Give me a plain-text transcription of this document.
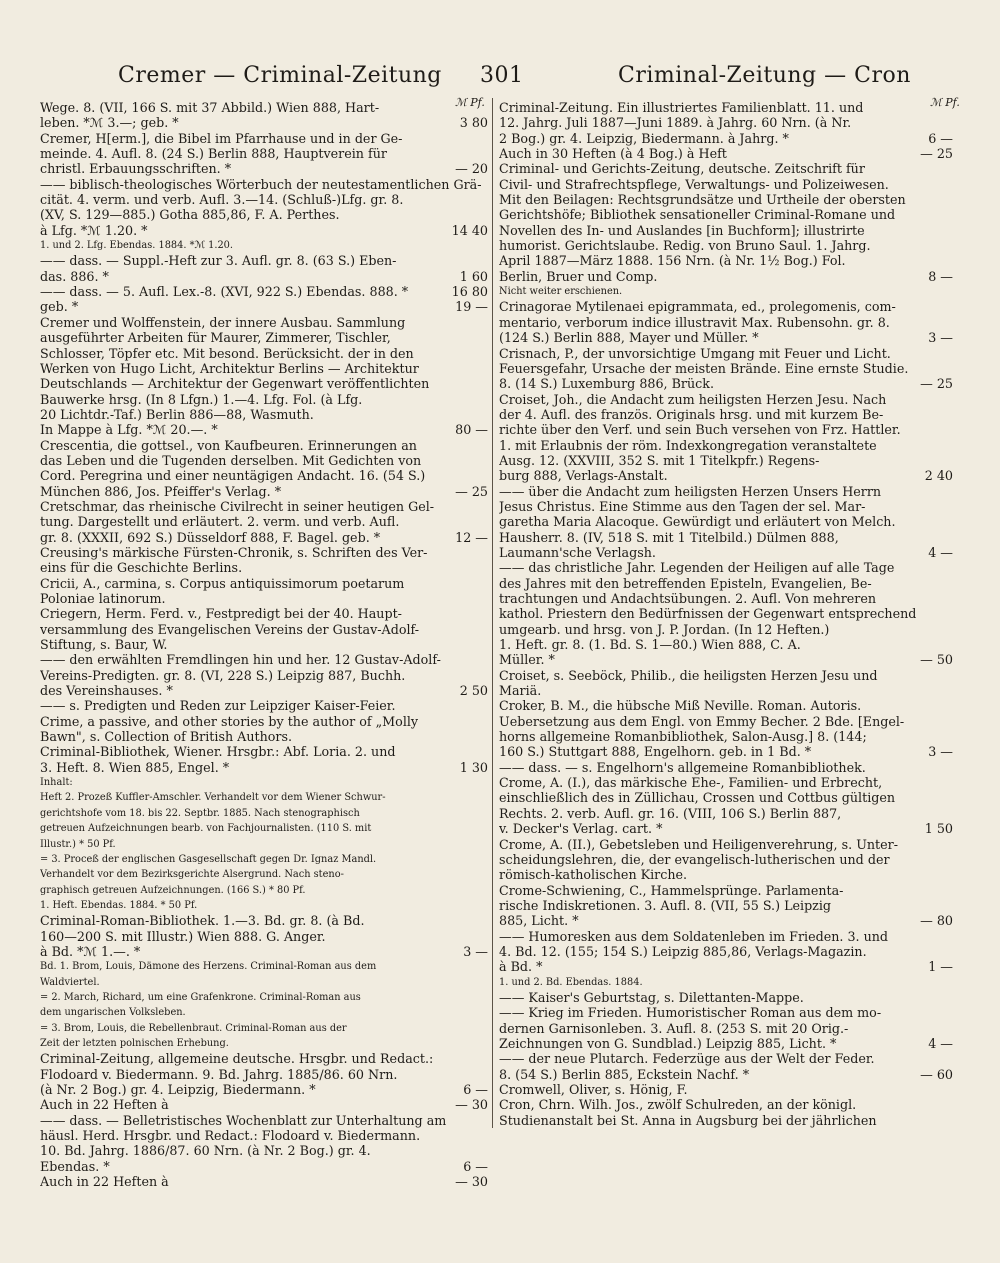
Cremer — Criminal-Zeitung 301	Criminal-Zeitung — Cron
ℳ Pf.	ℳ Pf.
Wege. 8. (VII, 166 S. mit 37 Abbild.) Wien 888, Hart-
leben. *ℳ 3.—; geb. *	3 80
Cremer, H[erm.], die Bibel im Pfarrhause und in der Ge-
meinde. 4. Aufl. 8. (24 S.) Berlin 888, Hauptverein für
christl. Erbauungsschriften. *	— 20
—— biblisch-theologisches Wörterbuch der neutestamentlichen Grä-
cität. 4. verm. und verb. Aufl. 3.—14. (Schluß-)Lfg. gr. 8.
(XV, S. 129—885.) Gotha 885,86, F. A. Perthes.
à Lfg. *ℳ 1.20. *	14 40
1. und 2. Lfg. Ebendas. 1884. *ℳ 1.20.
—— dass. — Suppl.-Heft zur 3. Aufl. gr. 8. (63 S.) Eben-
das. 886. *	1 60
—— dass. — 5. Aufl. Lex.-8. (XVI, 922 S.) Ebendas. 888. *	16 80
geb. *	19 —
Cremer und Wolffenstein, der innere Ausbau. Sammlung
ausgeführter Arbeiten für Maurer, Zimmerer, Tischler,
Schlosser, Töpfer etc. Mit besond. Berücksicht. der in den
Werken von Hugo Licht, Architektur Berlins — Architektur
Deutschlands — Architektur der Gegenwart veröffentlichten
Bauwerke hrsg. (In 8 Lfgn.) 1.—4. Lfg. Fol. (à Lfg.
20 Lichtdr.-Taf.) Berlin 886—88, Wasmuth.
In Mappe à Lfg. *ℳ 20.—. *	80 —
Crescentia, die gottsel., von Kaufbeuren. Erinnerungen an
das Leben und die Tugenden derselben. Mit Gedichten von
Cord. Peregrina und einer neuntägigen Andacht. 16. (54 S.)
München 886, Jos. Pfeiffer's Verlag. *	— 25
Cretschmar, das rheinische Civilrecht in seiner heutigen Gel-
tung. Dargestellt und erläutert. 2. verm. und verb. Aufl.
gr. 8. (XXXII, 692 S.) Düsseldorf 888, F. Bagel. geb. *	12 —
Creusing's märkische Fürsten-Chronik, s. Schriften des Ver-
eins für die Geschichte Berlins.
Cricii, A., carmina, s. Corpus antiquissimorum poetarum
Poloniae latinorum.
Criegern, Herm. Ferd. v., Festpredigt bei der 40. Haupt-
versammlung des Evangelischen Vereins der Gustav-Adolf-
Stiftung, s. Baur, W.
—— den erwählten Fremdlingen hin und her. 12 Gustav-Adolf-
Vereins-Predigten. gr. 8. (VI, 228 S.) Leipzig 887, Buchh.
des Vereinshauses. *	2 50
—— s. Predigten und Reden zur Leipziger Kaiser-Feier.
Crime, a passive, and other stories by the author of „Molly
Bawn", s. Collection of British Authors.
Criminal-Bibliothek, Wiener. Hrsgbr.: Abf. Loria. 2. und
3. Heft. 8. Wien 885, Engel. *	1 30
Inhalt:
Heft 2. Prozeß Kuffler-Amschler. Verhandelt vor dem Wiener Schwur-
gerichtshofe vom 18. bis 22. Septbr. 1885. Nach stenographisch
getreuen Aufzeichnungen bearb. von Fachjournalisten. (110 S. mit
Illustr.) * 50 Pf.
= 3. Proceß der englischen Gasgesellschaft gegen Dr. Ignaz Mandl.
Verhandelt vor dem Bezirksgerichte Alsergrund. Nach steno-
graphisch getreuen Aufzeichnungen. (166 S.) * 80 Pf.
1. Heft. Ebendas. 1884. * 50 Pf.
Criminal-Roman-Bibliothek. 1.—3. Bd. gr. 8. (à Bd.
160—200 S. mit Illustr.) Wien 888. G. Anger.
à Bd. *ℳ 1.—. *	3 —
Bd. 1. Brom, Louis, Dämone des Herzens. Criminal-Roman aus dem
Waldviertel.
= 2. March, Richard, um eine Grafenkrone. Criminal-Roman aus
dem ungarischen Volksleben.
= 3. Brom, Louis, die Rebellenbraut. Criminal-Roman aus der
Zeit der letzten polnischen Erhebung.
Criminal-Zeitung, allgemeine deutsche. Hrsgbr. und Redact.:
Flodoard v. Biedermann. 9. Bd. Jahrg. 1885/86. 60 Nrn.
(à Nr. 2 Bog.) gr. 4. Leipzig, Biedermann. *	6 —
Auch in 22 Heften à	— 30
—— dass. — Belletristisches Wochenblatt zur Unterhaltung am
häusl. Herd. Hrsgbr. und Redact.: Flodoard v. Biedermann.
10. Bd. Jahrg. 1886/87. 60 Nrn. (à Nr. 2 Bog.) gr. 4.
Ebendas. *	6 —
Auch in 22 Heften à	— 30
Criminal-Zeitung. Ein illustriertes Familienblatt. 11. und
12. Jahrg. Juli 1887—Juni 1889. à Jahrg. 60 Nrn. (à Nr.
2 Bog.) gr. 4. Leipzig, Biedermann. à Jahrg. *	6 —
Auch in 30 Heften (à 4 Bog.) à Heft	— 25
Criminal- und Gerichts-Zeitung, deutsche. Zeitschrift für
Civil- und Strafrechtspflege, Verwaltungs- und Polizeiwesen.
Mit den Beilagen: Rechtsgrundsätze und Urtheile der obersten
Gerichtshöfe; Bibliothek sensationeller Criminal-Romane und
Novellen des In- und Auslandes [in Buchform]; illustrirte
humorist. Gerichtslaube. Redig. von Bruno Saul. 1. Jahrg.
April 1887—März 1888. 156 Nrn. (à Nr. 1½ Bog.) Fol.
Berlin, Bruer und Comp.	8 —
Nicht weiter erschienen.
Crinagorae Mytilenaei epigrammata, ed., prolegomenis, com-
mentario, verborum indice illustravit Max. Rubensohn. gr. 8.
(124 S.) Berlin 888, Mayer und Müller. *	3 —
Crisnach, P., der unvorsichtige Umgang mit Feuer und Licht.
Feuersgefahr, Ursache der meisten Brände. Eine ernste Studie.
8. (14 S.) Luxemburg 886, Brück.	— 25
Croiset, Joh., die Andacht zum heiligsten Herzen Jesu. Nach
der 4. Aufl. des französ. Originals hrsg. und mit kurzem Be-
richte über den Verf. und sein Buch versehen von Frz. Hattler.
1. mit Erlaubnis der röm. Indexkongregation veranstaltete
Ausg. 12. (XXVIII, 352 S. mit 1 Titelkpfr.) Regens-
burg 888, Verlags-Anstalt.	2 40
—— über die Andacht zum heiligsten Herzen Unsers Herrn
Jesus Christus. Eine Stimme aus den Tagen der sel. Mar-
garetha Maria Alacoque. Gewürdigt und erläutert von Melch.
Hausherr. 8. (IV, 518 S. mit 1 Titelbild.) Dülmen 888,
Laumann'sche Verlagsh.	4 —
—— das christliche Jahr. Legenden der Heiligen auf alle Tage
des Jahres mit den betreffenden Episteln, Evangelien, Be-
trachtungen und Andachtsübungen. 2. Aufl. Von mehreren
kathol. Priestern den Bedürfnissen der Gegenwart entsprechend
umgearb. und hrsg. von J. P. Jordan. (In 12 Heften.)
1. Heft. gr. 8. (1. Bd. S. 1—80.) Wien 888, C. A.
Müller. *	— 50
Croiset, s. Seeböck, Philib., die heiligsten Herzen Jesu und
Mariä.
Croker, B. M., die hübsche Miß Neville. Roman. Autoris.
Uebersetzung aus dem Engl. von Emmy Becher. 2 Bde. [Engel-
horns allgemeine Romanbibliothek, Salon-Ausg.] 8. (144;
160 S.) Stuttgart 888, Engelhorn. geb. in 1 Bd. *	3 —
—— dass. — s. Engelhorn's allgemeine Romanbibliothek.
Crome, A. (I.), das märkische Ehe-, Familien- und Erbrecht,
einschließlich des in Züllichau, Crossen und Cottbus gültigen
Rechts. 2. verb. Aufl. gr. 16. (VIII, 106 S.) Berlin 887,
v. Decker's Verlag. cart. *	1 50
Crome, A. (II.), Gebetsleben und Heiligenverehrung, s. Unter-
scheidungslehren, die, der evangelisch-lutherischen und der
römisch-katholischen Kirche.
Crome-Schwiening, C., Hammelsprünge. Parlamenta-
rische Indiskretionen. 3. Aufl. 8. (VII, 55 S.) Leipzig
885, Licht. *	— 80
—— Humoresken aus dem Soldatenleben im Frieden. 3. und
4. Bd. 12. (155; 154 S.) Leipzig 885,86, Verlags-Magazin.
à Bd. *	1 —
1. und 2. Bd. Ebendas. 1884.
—— Kaiser's Geburtstag, s. Dilettanten-Mappe.
—— Krieg im Frieden. Humoristischer Roman aus dem mo-
dernen Garnisonleben. 3. Aufl. 8. (253 S. mit 20 Orig.-
Zeichnungen von G. Sundblad.) Leipzig 885, Licht. *	4 —
—— der neue Plutarch. Federzüge aus der Welt der Feder.
8. (54 S.) Berlin 885, Eckstein Nachf. *	— 60
Cromwell, Oliver, s. Hönig, F.
Cron, Chrn. Wilh. Jos., zwölf Schulreden, an der königl.
Studienanstalt bei St. Anna in Augsburg bei der jährlichen
